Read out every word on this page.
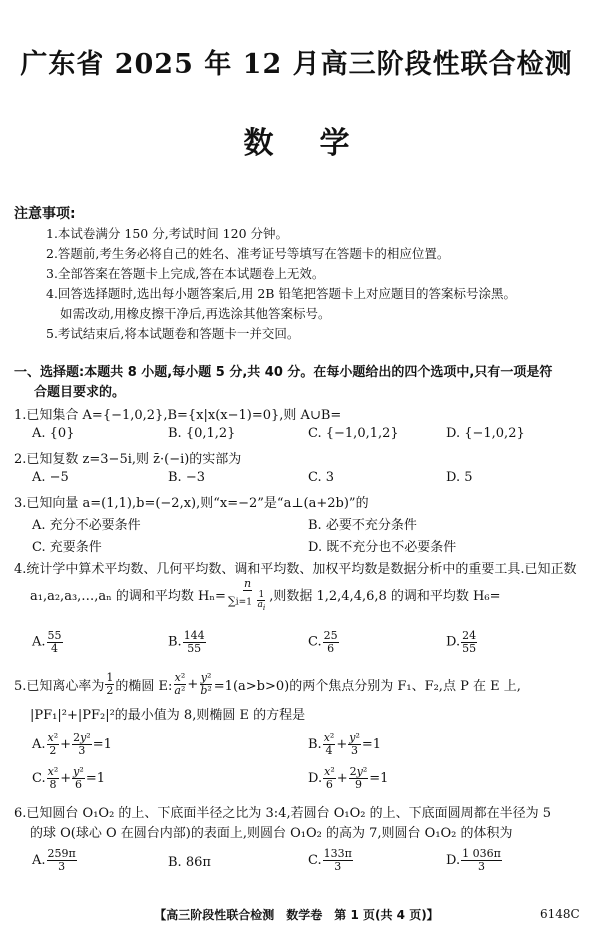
广东省 2025 年 12 月高三阶段性联合检测
数学
注意事项:
1.本试卷满分 150 分,考试时间 120 分钟。
2.答题前,考生务必将自己的姓名、准考证号等填写在答题卡的相应位置。
3.全部答案在答题卡上完成,答在本试题卷上无效。
4.回答选择题时,选出每小题答案后,用 2B 铅笔把答题卡上对应题目的答案标号涂黑。
如需改动,用橡皮擦干净后,再选涂其他答案标号。
5.考试结束后,将本试题卷和答题卡一并交回。
一、选择题:本题共 8 小题,每小题 5 分,共 40 分。在每小题给出的四个选项中,只有一项是符
合题目要求的。
1.已知集合 A={−1,0,2},B={x|x(x−1)=0},则 A∪B=
A. {0}	B. {0,1,2}	C. {−1,0,1,2}	D. {−1,0,2}
2.已知复数 z=3−5i,则 z̄·(−i)的实部为
A. −5	B. −3	C. 3	D. 5
3.已知向量 a=(1,1),b=(−2,x),则“x=−2”是“a⊥(a+2b)”的
A. 充分不必要条件	B. 必要不充分条件
C. 充要条件	D. 既不充分也不必要条件
4.统计学中算术平均数、几何平均数、调和平均数、加权平均数是数据分析中的重要工具.已知正数
a₁,a₂,a₃,…,aₙ 的调和平均数 $H_n= \frac{n}{\sum i=1 \frac{1}{a_i}}$ ,则数据 1,2,4,4,6,8 的调和平均数 H₆=
A. $\frac{55}{4}$	B. $\frac{144}{55}$	C. $\frac{25}{6}$	D. $\frac{24}{55}$
5.已知离心率为 $\frac{1}{2}$ 的椭圆 E: $\frac{\text{x²}}{\text{a²}} + \frac{\text{y²}}{\text{b²}} =1(a>b>0)$的两个焦点分别为 F₁、F₂,点 P 在 E 上,
|PF₁|²+|PF₂|²的最小值为 8,则椭圆 E 的方程是
A. $\frac{\text{x²}}{2} + \frac{\text{2y²}}{3} =1$	B. $\frac{\text{x²}}{4} + \frac{\text{y²}}{3} =1$
C. $\frac{\text{x²}}{8} + \frac{\text{y²}}{6} =1$	D. $\frac{\text{x²}}{6} + \frac{\text{2y²}}{9} =1$
6.已知圆台 O₁O₂ 的上、下底面半径之比为 3:4,若圆台 O₁O₂ 的上、下底面圆周都在半径为 5
的球 O(球心 O 在圆台内部)的表面上,则圆台 O₁O₂ 的高为 7,则圆台 O₁O₂ 的体积为
A. $\frac{259\pi}{3}$	B. 86π	C. $\frac{133\pi}{3}$	D. $\frac{1 036\pi}{3}$
【高三阶段性联合检测　数学卷　第 1 页(共 4 页)】	6148C
